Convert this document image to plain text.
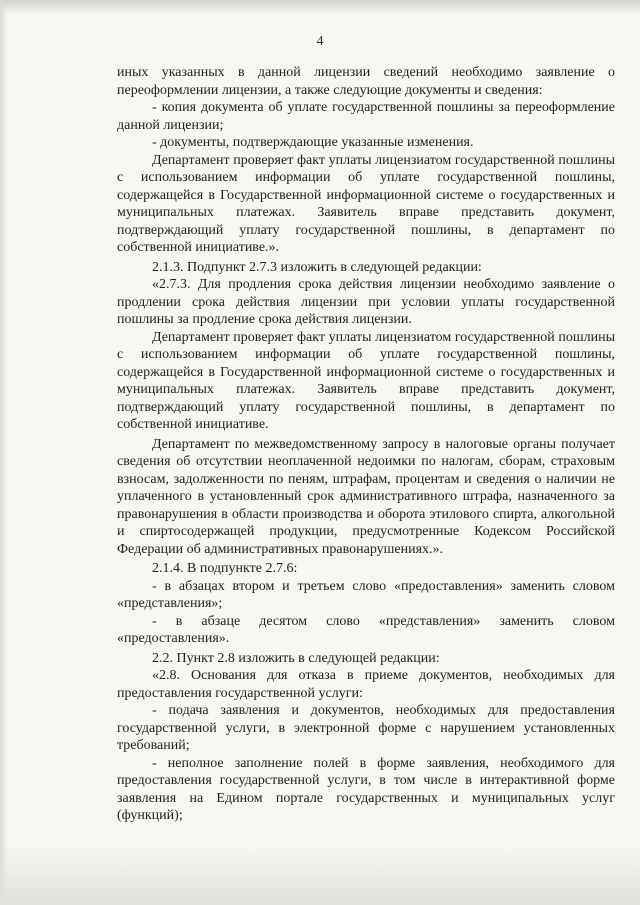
4

иных указанных в данной лицензии сведений необходимо заявление о переоформлении лицензии, а также следующие документы и сведения:

- копия документа об уплате государственной пошлины за переоформление данной лицензии;

- документы, подтверждающие указанные изменения.

Департамент проверяет факт уплаты лицензиатом государственной пошлины с использованием информации об уплате государственной пошлины, содержащейся в Государственной информационной системе о государственных и муниципальных платежах. Заявитель вправе представить документ, подтверждающий уплату государственной пошлины, в департамент по собственной инициативе.».

2.1.3. Подпункт 2.7.3 изложить в следующей редакции:

«2.7.3. Для продления срока действия лицензии необходимо заявление о продлении срока действия лицензии при условии уплаты государственной пошлины за продление срока действия лицензии.

Департамент проверяет факт уплаты лицензиатом государственной пошлины с использованием информации об уплате государственной пошлины, содержащейся в Государственной информационной системе о государственных и муниципальных платежах. Заявитель вправе представить документ, подтверждающий уплату государственной пошлины, в департамент по собственной инициативе.

Департамент по межведомственному запросу в налоговые органы получает сведения об отсутствии неоплаченной недоимки по налогам, сборам, страховым взносам, задолженности по пеням, штрафам, процентам и сведения о наличии не уплаченного в установленный срок административного штрафа, назначенного за правонарушения в области производства и оборота этилового спирта, алкогольной и спиртосодержащей продукции, предусмотренные Кодексом Российской Федерации об административных правонарушениях.».

2.1.4. В подпункте 2.7.6:

- в абзацах втором и третьем слово «предоставления» заменить словом «представления»;

- в абзаце десятом слово «представления» заменить словом «предоставления».

2.2. Пункт 2.8 изложить в следующей редакции:

«2.8. Основания для отказа в приеме документов, необходимых для предоставления государственной услуги:

- подача заявления и документов, необходимых для предоставления государственной услуги, в электронной форме с нарушением установленных требований;

- неполное заполнение полей в форме заявления, необходимого для предоставления государственной услуги, в том числе в интерактивной форме заявления на Едином портале государственных и муниципальных услуг (функций);
